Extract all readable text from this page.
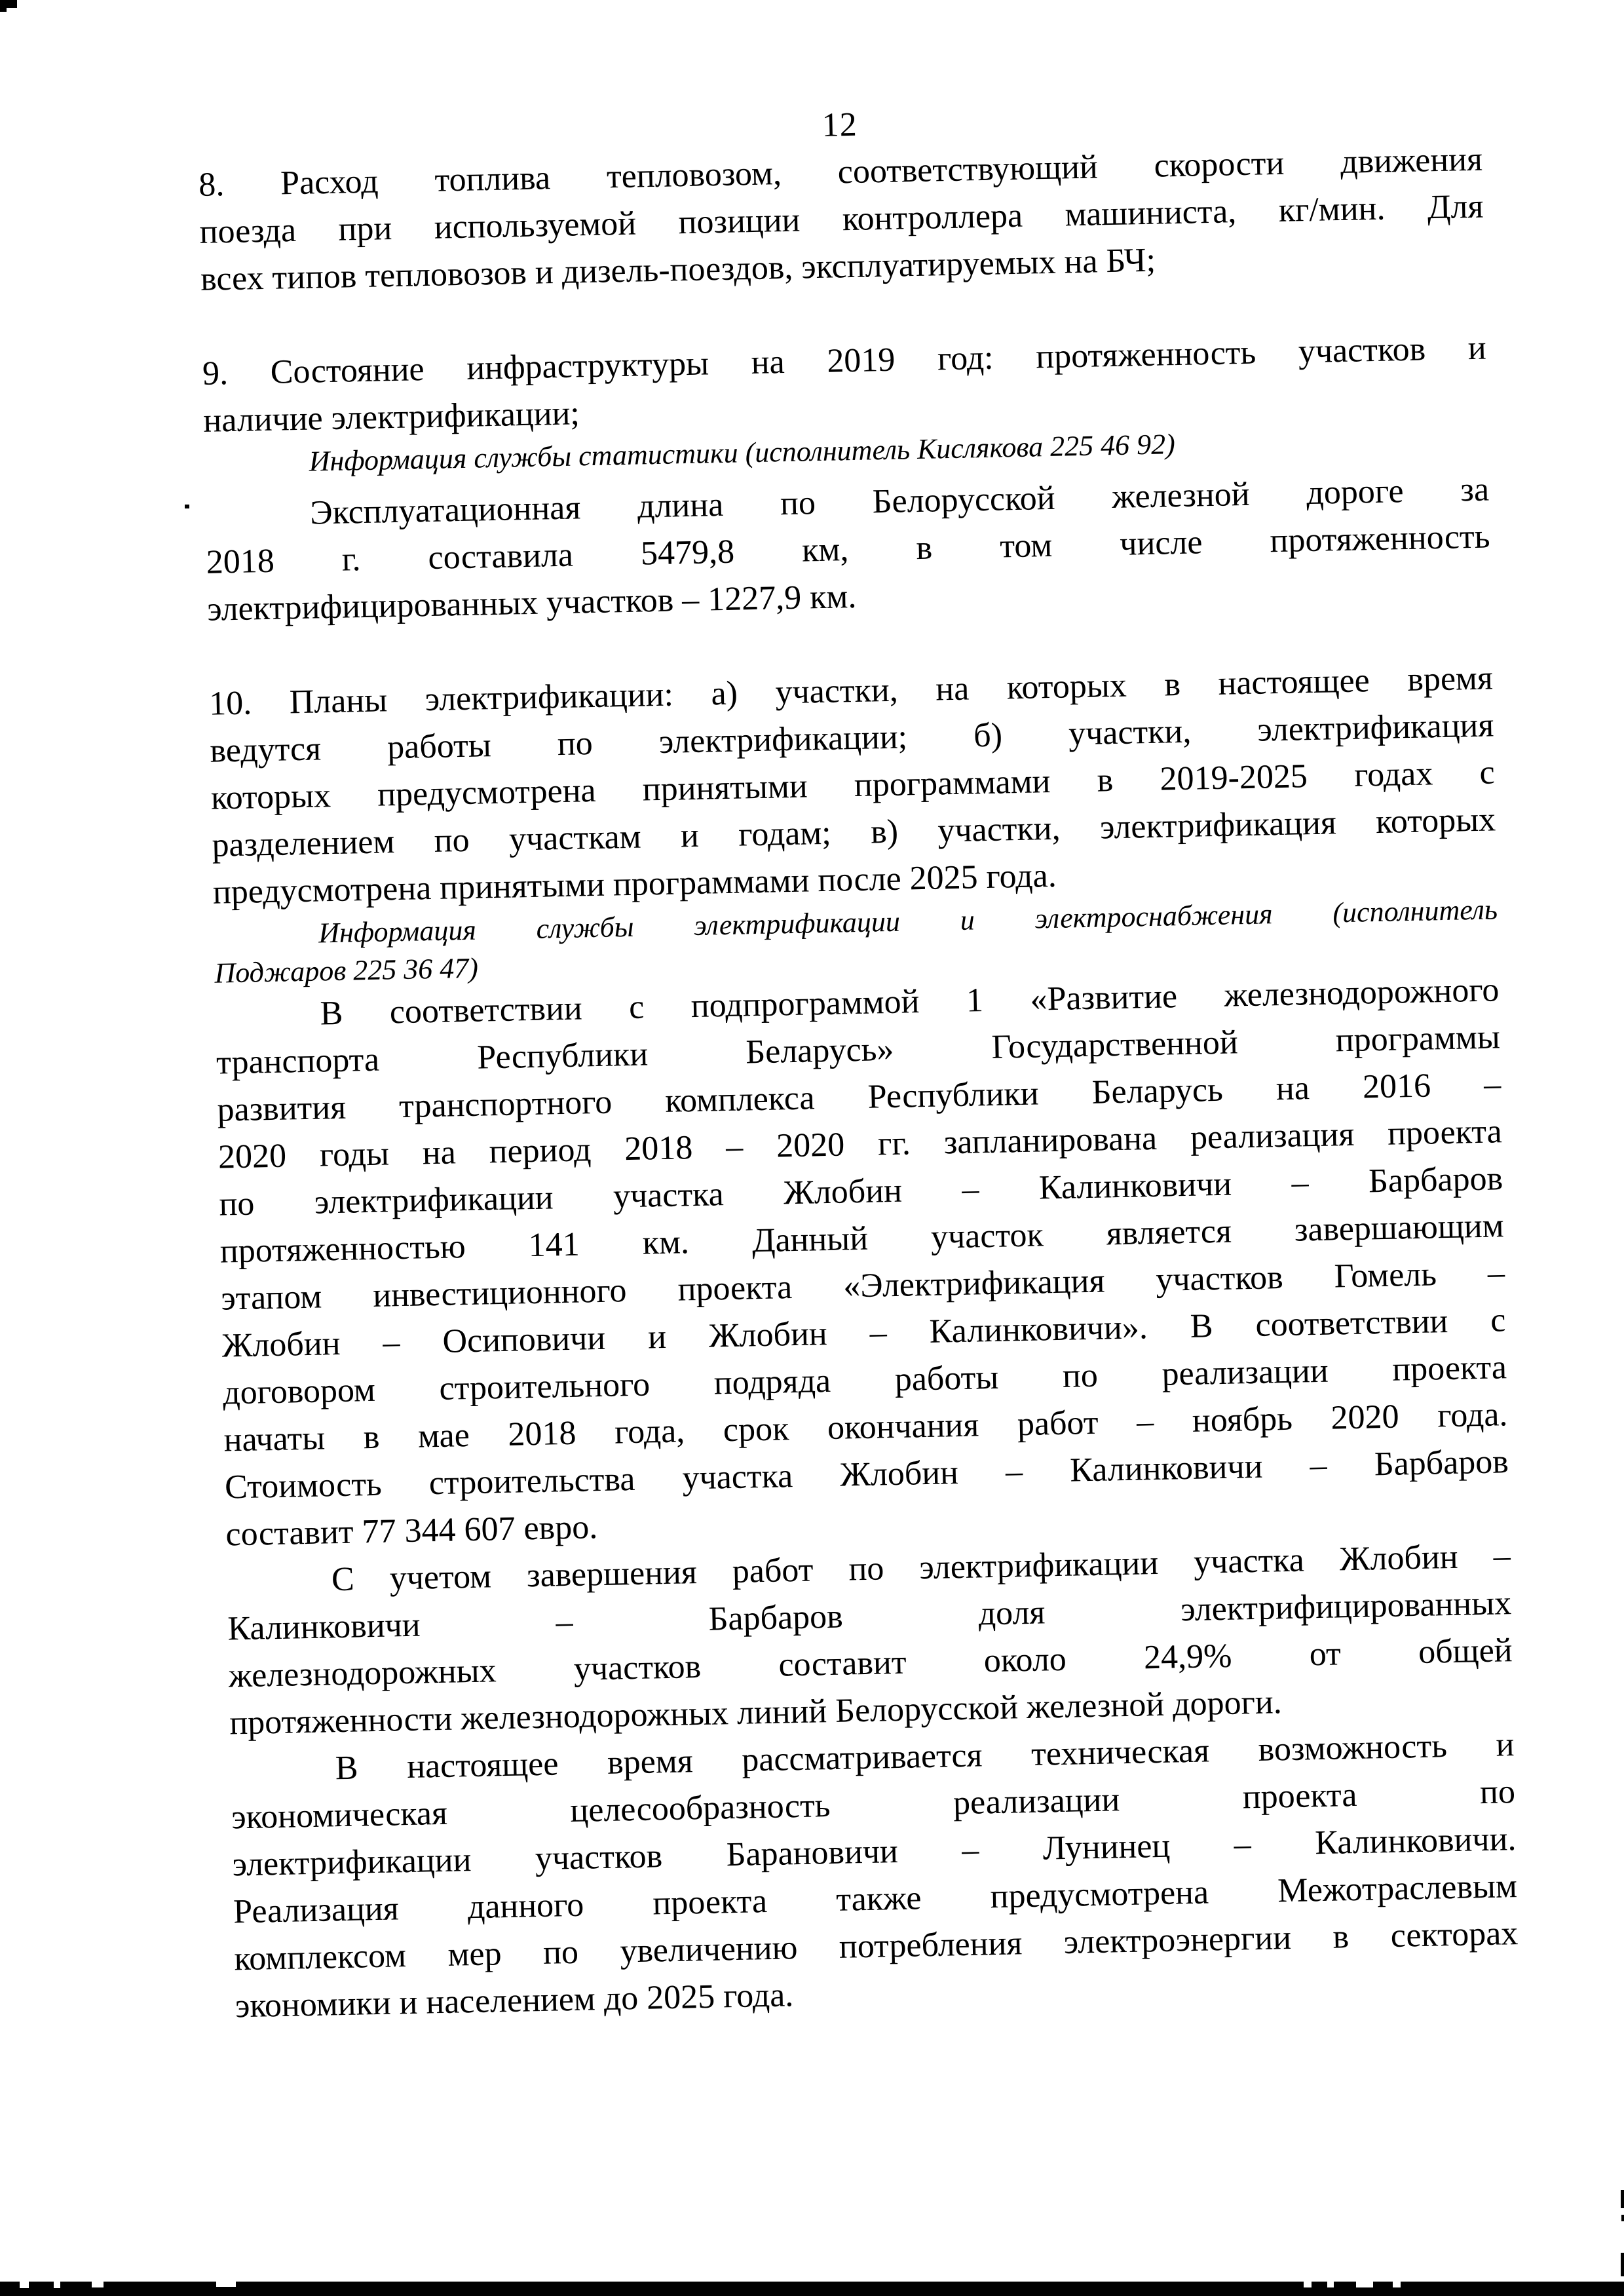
12
8. Расход топлива тепловозом, соответствующий скорости движения
поезда при используемой позиции контроллера машиниста, кг/мин. Для
всех типов тепловозов и дизель-поездов, эксплуатируемых на БЧ;
9. Состояние инфраструктуры на 2019 год: протяженность участков и
наличие электрификации;
Информация службы статистики (исполнитель Кислякова 225 46 92)
Эксплуатационная длина по Белорусской железной дороге за
2018 г. составила 5479,8 км, в том числе протяженность
электрифицированных участков – 1227,9 км.
10. Планы электрификации: а) участки, на которых в настоящее время
ведутся работы по электрификации; б) участки, электрификация
которых предусмотрена принятыми программами в 2019-2025 годах с
разделением по участкам и годам; в) участки, электрификация которых
предусмотрена принятыми программами после 2025 года.
Информация службы электрификации и электроснабжения (исполнитель
Поджаров 225 36 47)
В соответствии с подпрограммой 1 «Развитие железнодорожного
транспорта Республики Беларусь» Государственной программы
развития транспортного комплекса Республики Беларусь на 2016 –
2020 годы на период 2018 – 2020 гг. запланирована реализация проекта
по электрификации участка Жлобин – Калинковичи – Барбаров
протяженностью 141 км. Данный участок является завершающим
этапом инвестиционного проекта «Электрификация участков Гомель –
Жлобин – Осиповичи и Жлобин – Калинковичи». В соответствии с
договором строительного подряда работы по реализации проекта
начаты в мае 2018 года, срок окончания работ – ноябрь 2020 года.
Стоимость строительства участка Жлобин – Калинковичи – Барбаров
составит 77 344 607 евро.
С учетом завершения работ по электрификации участка Жлобин –
Калинковичи – Барбаров доля электрифицированных
железнодорожных участков составит около 24,9% от общей
протяженности железнодорожных линий Белорусской железной дороги.
В настоящее время рассматривается техническая возможность и
экономическая целесообразность реализации проекта по
электрификации участков Барановичи – Лунинец – Калинковичи.
Реализация данного проекта также предусмотрена Межотраслевым
комплексом мер по увеличению потребления электроэнергии в секторах
экономики и населением до 2025 года.
